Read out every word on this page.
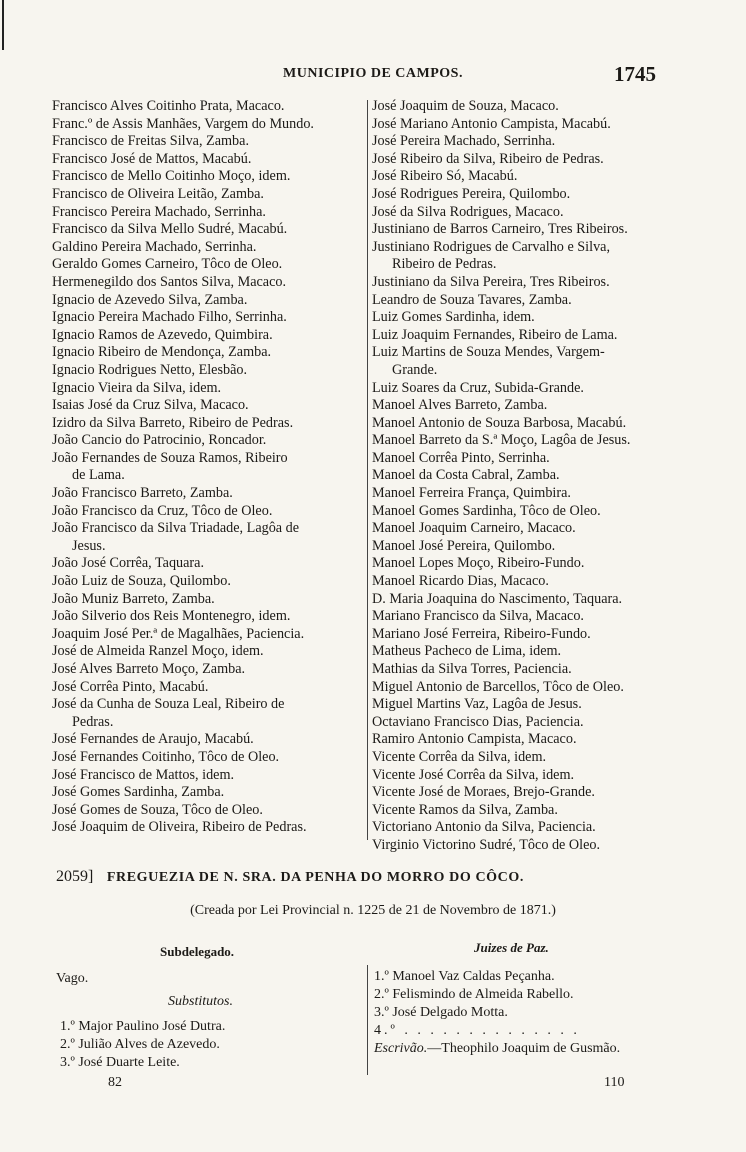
MUNICIPIO DE CAMPOS.	1745
Francisco Alves Coitinho Prata, Macaco.
Franc.º de Assis Manhães, Vargem do Mundo.
Francisco de Freitas Silva, Zamba.
Francisco José de Mattos, Macabú.
Francisco de Mello Coitinho Moço, idem.
Francisco de Oliveira Leitão, Zamba.
Francisco Pereira Machado, Serrinha.
Francisco da Silva Mello Sudré, Macabú.
Galdino Pereira Machado, Serrinha.
Geraldo Gomes Carneiro, Tôco de Oleo.
Hermenegildo dos Santos Silva, Macaco.
Ignacio de Azevedo Silva, Zamba.
Ignacio Pereira Machado Filho, Serrinha.
Ignacio Ramos de Azevedo, Quimbira.
Ignacio Ribeiro de Mendonça, Zamba.
Ignacio Rodrigues Netto, Elesbão.
Ignacio Vieira da Silva, idem.
Isaias José da Cruz Silva, Macaco.
Izidro da Silva Barreto, Ribeiro de Pedras.
João Cancio do Patrocinio, Roncador.
João Fernandes de Souza Ramos, Ribeiro
de Lama.
João Francisco Barreto, Zamba.
João Francisco da Cruz, Tôco de Oleo.
João Francisco da Silva Triadade, Lagôa de
Jesus.
João José Corrêa, Taquara.
João Luiz de Souza, Quilombo.
João Muniz Barreto, Zamba.
João Silverio dos Reis Montenegro, idem.
Joaquim José Per.ª de Magalhães, Paciencia.
José de Almeida Ranzel Moço, idem.
José Alves Barreto Moço, Zamba.
José Corrêa Pinto, Macabú.
José da Cunha de Souza Leal, Ribeiro de
Pedras.
José Fernandes de Araujo, Macabú.
José Fernandes Coitinho, Tôco de Oleo.
José Francisco de Mattos, idem.
José Gomes Sardinha, Zamba.
José Gomes de Souza, Tôco de Oleo.
José Joaquim de Oliveira, Ribeiro de Pedras.
José Joaquim de Souza, Macaco.
José Mariano Antonio Campista, Macabú.
José Pereira Machado, Serrinha.
José Ribeiro da Silva, Ribeiro de Pedras.
José Ribeiro Só, Macabú.
José Rodrigues Pereira, Quilombo.
José da Silva Rodrigues, Macaco.
Justiniano de Barros Carneiro, Tres Ribeiros.
Justiniano Rodrigues de Carvalho e Silva,
Ribeiro de Pedras.
Justiniano da Silva Pereira, Tres Ribeiros.
Leandro de Souza Tavares, Zamba.
Luiz Gomes Sardinha, idem.
Luiz Joaquim Fernandes, Ribeiro de Lama.
Luiz Martins de Souza Mendes, Vargem-
Grande.
Luiz Soares da Cruz, Subida-Grande.
Manoel Alves Barreto, Zamba.
Manoel Antonio de Souza Barbosa, Macabú.
Manoel Barreto da S.ª Moço, Lagôa de Jesus.
Manoel Corrêa Pinto, Serrinha.
Manoel da Costa Cabral, Zamba.
Manoel Ferreira França, Quimbira.
Manoel Gomes Sardinha, Tôco de Oleo.
Manoel Joaquim Carneiro, Macaco.
Manoel José Pereira, Quilombo.
Manoel Lopes Moço, Ribeiro-Fundo.
Manoel Ricardo Dias, Macaco.
D. Maria Joaquina do Nascimento, Taquara.
Mariano Francisco da Silva, Macaco.
Mariano José Ferreira, Ribeiro-Fundo.
Matheus Pacheco de Lima, idem.
Mathias da Silva Torres, Paciencia.
Miguel Antonio de Barcellos, Tôco de Oleo.
Miguel Martins Vaz, Lagôa de Jesus.
Octaviano Francisco Dias, Paciencia.
Ramiro Antonio Campista, Macaco.
Vicente Corrêa da Silva, idem.
Vicente José Corrêa da Silva, idem.
Vicente José de Moraes, Brejo-Grande.
Vicente Ramos da Silva, Zamba.
Victoriano Antonio da Silva, Paciencia.
Virginio Victorino Sudré, Tôco de Oleo.
2059] FREGUEZIA DE N. SRA. DA PENHA DO MORRO DO CÔCO.
(Creada por Lei Provincial n. 1225 de 21 de Novembro de 1871.)
Subdelegado.	Juizes de Paz.
Vago.
Substitutos.
1.º Major Paulino José Dutra.
2.º Julião Alves de Azevedo.
3.º José Duarte Leite.
1.º Manoel Vaz Caldas Peçanha.
2.º Felismindo de Almeida Rabello.
3.º José Delgado Motta.
4.º . . . . . . . . . . . . . .
Escrivão.—Theophilo Joaquim de Gusmão.
82	110
